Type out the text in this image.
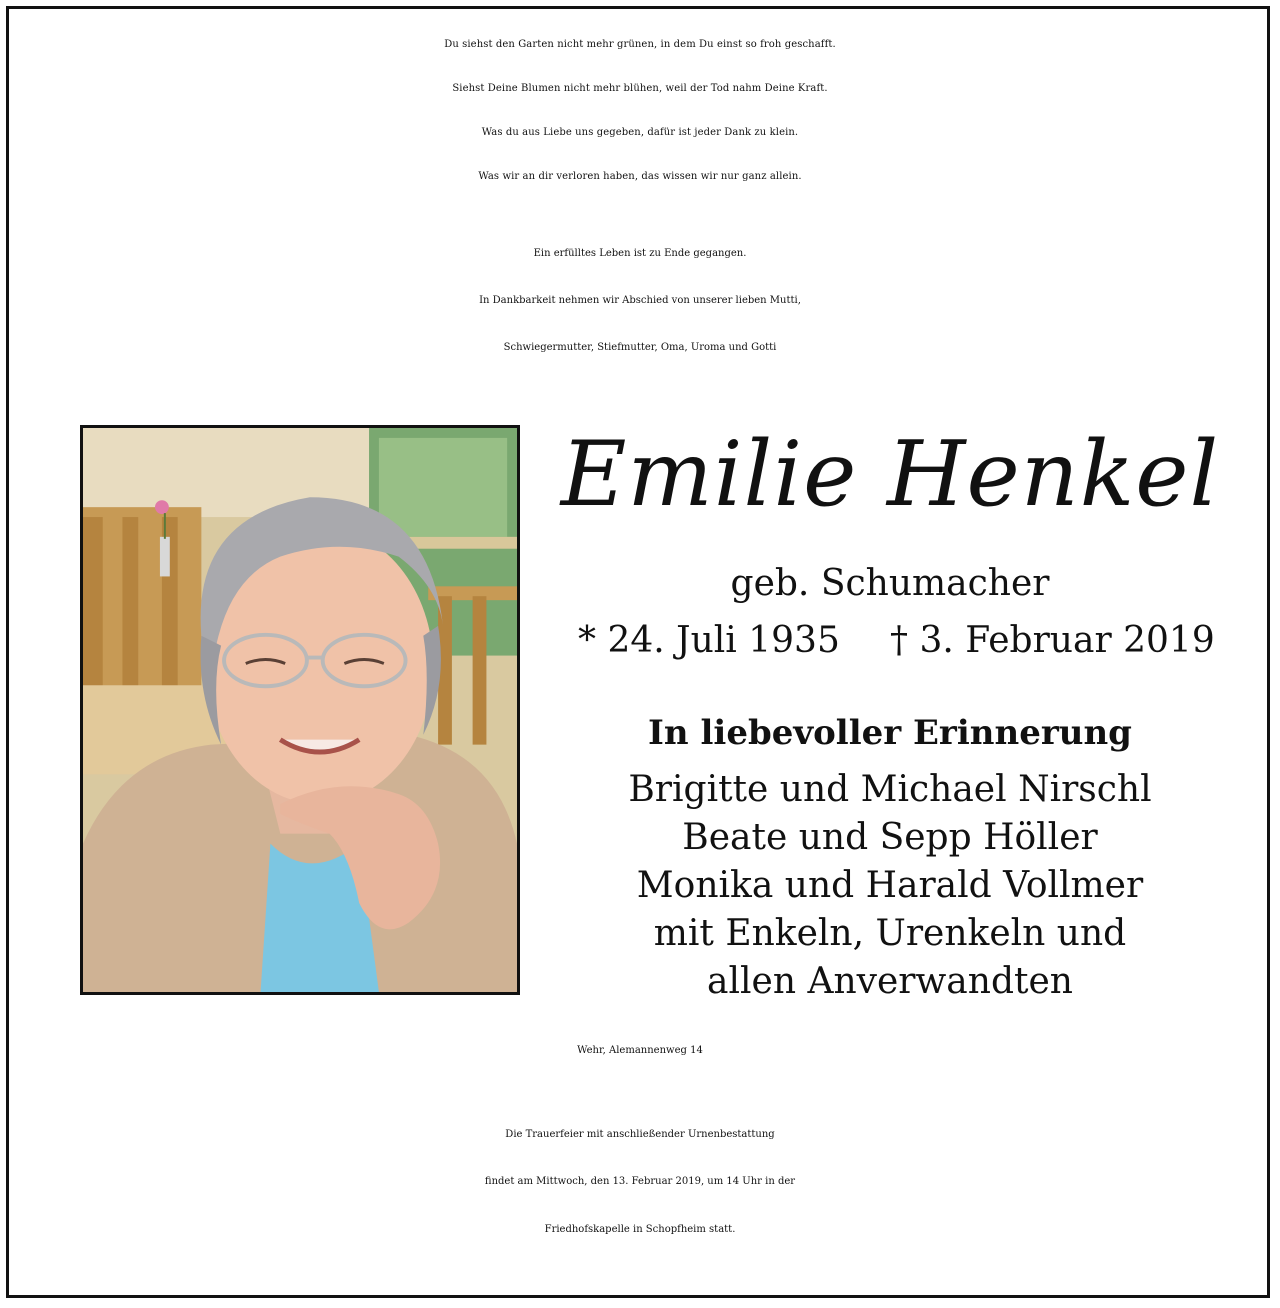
Du siehst den Garten nicht mehr grünen, in dem Du einst so froh geschafft.
Siehst Deine Blumen nicht mehr blühen, weil der Tod nahm Deine Kraft.
Was du aus Liebe uns gegeben, dafür ist jeder Dank zu klein.
Was wir an dir verloren haben, das wissen wir nur ganz allein.
Ein erfülltes Leben ist zu Ende gegangen.
In Dankbarkeit nehmen wir Abschied von unserer lieben Mutti,
Schwiegermutter, Stiefmutter, Oma, Uroma und Gotti
Emilie Henkel
geb. Schumacher
* 24. Juli 1935 † 3. Februar 2019
In liebevoller Erinnerung
Brigitte und Michael Nirschl
Beate und Sepp Höller
Monika und Harald Vollmer
mit Enkeln, Urenkeln und
allen Anverwandten
Wehr, Alemannenweg 14
Die Trauerfeier mit anschließender Urnenbestattung
findet am Mittwoch, den 13. Februar 2019, um 14 Uhr in der
Friedhofskapelle in Schopfheim statt.
